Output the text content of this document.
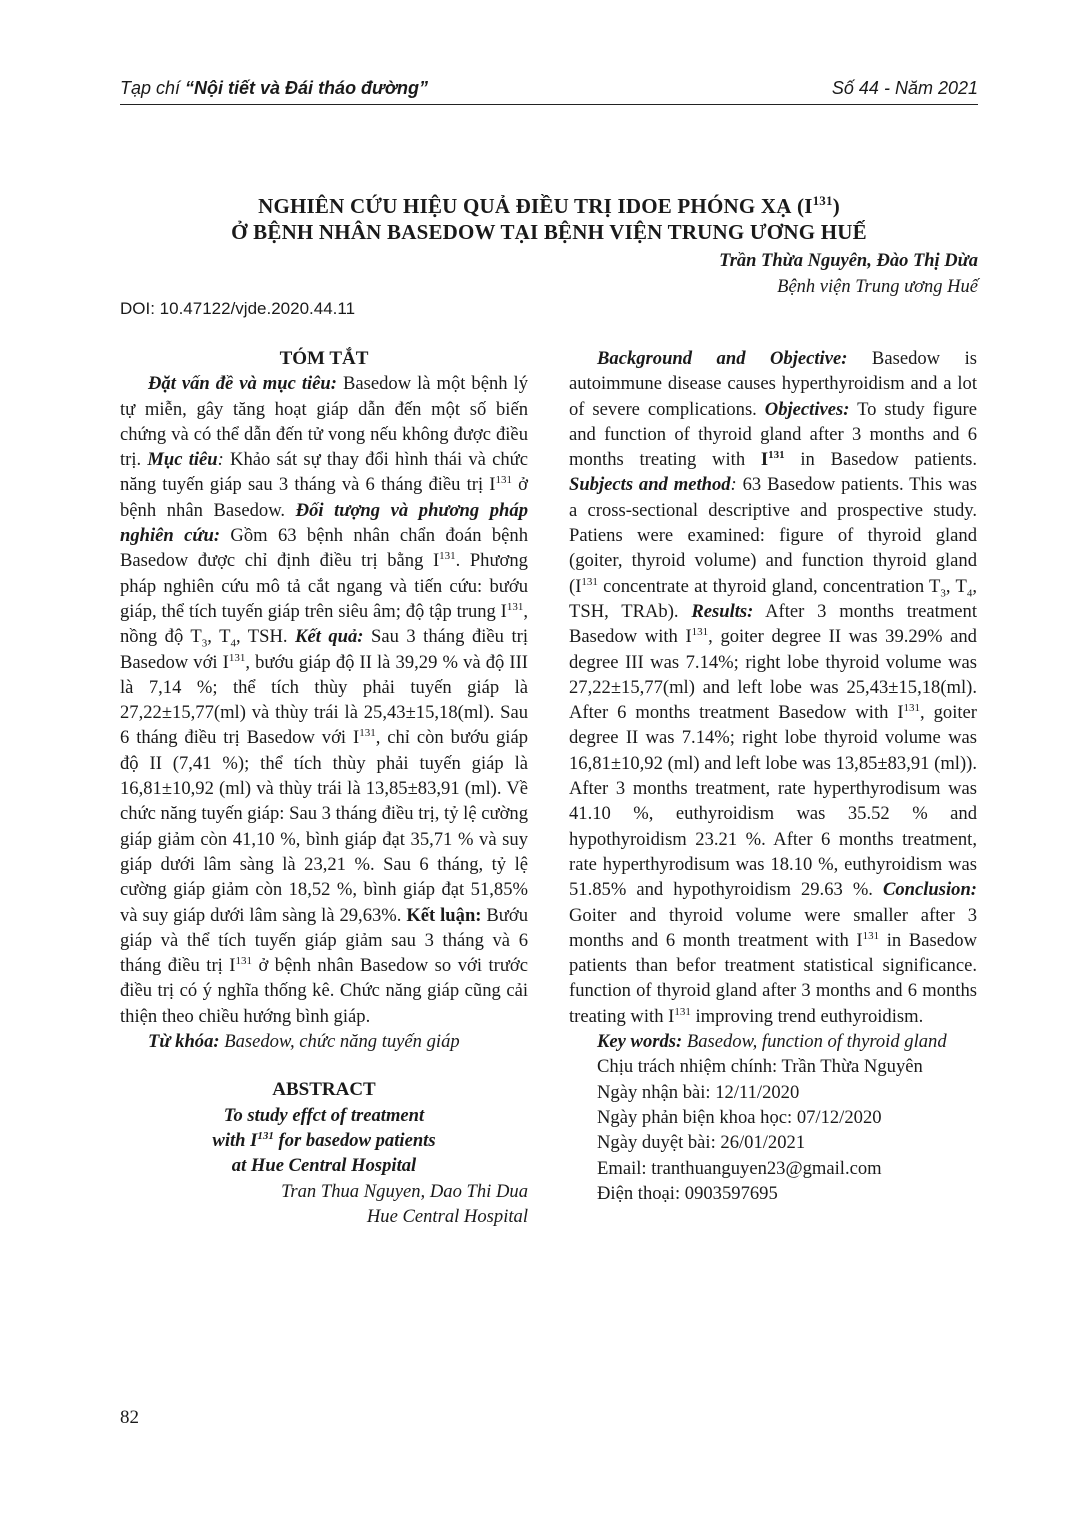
Tạp chí “Nội tiết và Đái tháo đường”	Số 44 - Năm 2021
NGHIÊN CỨU HIỆU QUẢ ĐIỀU TRỊ IDOE PHÓNG XẠ $(I^{131})$
Ở BỆNH NHÂN BASEDOW TẠI BỆNH VIỆN TRUNG ƯƠNG HUẾ
Trần Thừa Nguyên, Đào Thị Dừa
Bệnh viện Trung ương Huế
DOI: 10.47122/vjde.2020.44.11

TÓM TẮT

Đặt vấn đề và mục tiêu: Basedow là một bệnh lý tự miễn, gây tăng hoạt giáp dẫn đến một số biến chứng và có thể dẫn đến tử vong nếu không được điều trị. Mục tiêu: Khảo sát sự thay đổi hình thái và chức năng tuyến giáp sau 3 tháng và 6 tháng điều trị $I^{131}$ ở bệnh nhân Basedow. Đối tượng và phương pháp nghiên cứu: Gồm 63 bệnh nhân chẩn đoán bệnh Basedow được chỉ định điều trị bằng $I^{131}$. Phương pháp nghiên cứu mô tả cắt ngang và tiến cứu: bướu giáp, thể tích tuyến giáp trên siêu âm; độ tập trung $I^{131}$, nồng độ $T_3$, $T_4$, TSH. Kết quả: Sau 3 tháng điều trị Basedow với $I^{131}$, bướu giáp độ II là 39,29 % và độ III là 7,14 %; thể tích thùy phải tuyến giáp là 27,22±15,77(ml) và thùy trái là 25,43±15,18(ml). Sau 6 tháng điều trị Basedow với $I^{131}$, chỉ còn bướu giáp độ II (7,41 %); thể tích thùy phải tuyến giáp là 16,81±10,92 (ml) và thùy trái là 13,85±83,91 (ml). Về chức năng tuyến giáp: Sau 3 tháng điều trị, tỷ lệ cường giáp giảm còn 41,10 %, bình giáp đạt 35,71 % và suy giáp dưới lâm sàng là 23,21 %. Sau 6 tháng, tỷ lệ cường giáp giảm còn 18,52 %, bình giáp đạt 51,85% và suy giáp dưới lâm sàng là 29,63%. Kết luận: Bướu giáp và thể tích tuyến giáp giảm sau 3 tháng và 6 tháng điều trị $I^{131}$ ở bệnh nhân Basedow so với trước điều trị có ý nghĩa thống kê. Chức năng giáp cũng cải thiện theo chiều hướng bình giáp.

Từ khóa: Basedow, chức năng tuyến giáp

ABSTRACT

To study effct of treatment
with $I^{131}$ for basedow patients
at Hue Central Hospital

Tran Thua Nguyen, Dao Thi Dua
Hue Central Hospital

Background and Objective: Basedow is autoimmune disease causes hyperthyroidism and a lot of severe complications. Objectives: To study figure and function of thyroid gland after 3 months and 6 months treating with $I^{131}$ in Basedow patients. Subjects and method: 63 Basedow patients. This was a cross-sectional descriptive and prospective study. Patiens were examined: figure of thyroid gland (goiter, thyroid volume) and function thyroid gland ($I^{131}$ concentrate at thyroid gland, concentration $T_3$, $T_4$, TSH, TRAb). Results: After 3 months treatment Basedow with $I^{131}$, goiter degree II was 39.29% and degree III was 7.14%; right lobe thyroid volume was 27,22±15,77(ml) and left lobe was 25,43±15,18(ml). After 6 months treatment Basedow with $I^{131}$, goiter degree II was 7.14%; right lobe thyroid volume was 16,81±10,92 (ml) and left lobe was 13,85±83,91 (ml)). After 3 months treatment, rate hyperthyrodisum was 41.10 %, euthyroidism was 35.52 % and hypothyroidism 23.21 %. After 6 months treatment, rate hyperthyrodisum was 18.10 %, euthyroidism was 51.85% and hypothyroidism 29.63 %. Conclusion: Goiter and thyroid volume were smaller after 3 months and 6 month treatment with $I^{131}$ in Basedow patients than befor treatment statistical significance. function of thyroid gland after 3 months and 6 months treating with $I^{131}$ improving trend euthyroidism.

Key words: Basedow, function of thyroid gland

Chịu trách nhiệm chính: Trần Thừa Nguyên

Ngày nhận bài: 12/11/2020

Ngày phản biện khoa học: 07/12/2020

Ngày duyệt bài: 26/01/2021

Email: tranthuanguyen23@gmail.com

Điện thoại: 0903597695

82
